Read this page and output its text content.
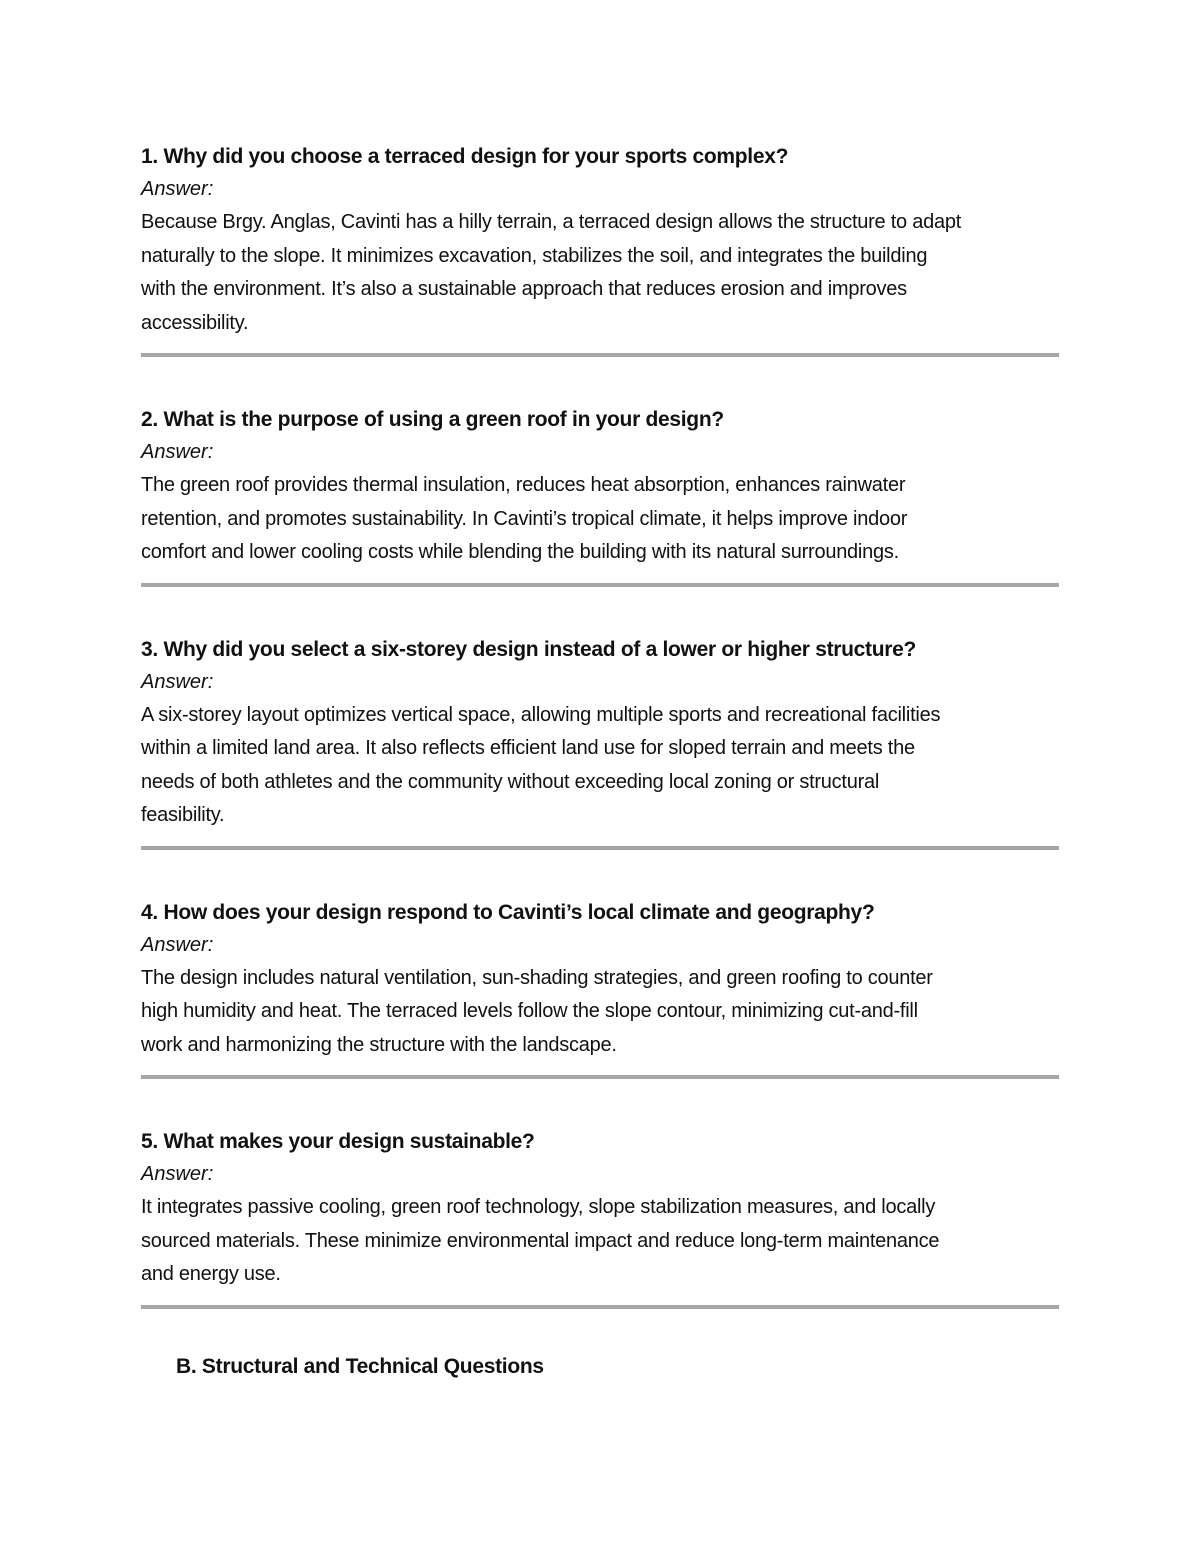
1. Why did you choose a terraced design for your sports complex?

Answer:

Because Brgy. Anglas, Cavinti has a hilly terrain, a terraced design allows the structure to adapt
naturally to the slope. It minimizes excavation, stabilizes the soil, and integrates the building
with the environment. It’s also a sustainable approach that reduces erosion and improves
accessibility.

2. What is the purpose of using a green roof in your design?

Answer:

The green roof provides thermal insulation, reduces heat absorption, enhances rainwater
retention, and promotes sustainability. In Cavinti’s tropical climate, it helps improve indoor
comfort and lower cooling costs while blending the building with its natural surroundings.

3. Why did you select a six-storey design instead of a lower or higher structure?

Answer:

A six-storey layout optimizes vertical space, allowing multiple sports and recreational facilities
within a limited land area. It also reflects efficient land use for sloped terrain and meets the
needs of both athletes and the community without exceeding local zoning or structural
feasibility.

4. How does your design respond to Cavinti’s local climate and geography?

Answer:

The design includes natural ventilation, sun-shading strategies, and green roofing to counter
high humidity and heat. The terraced levels follow the slope contour, minimizing cut-and-fill
work and harmonizing the structure with the landscape.

5. What makes your design sustainable?

Answer:

It integrates passive cooling, green roof technology, slope stabilization measures, and locally
sourced materials. These minimize environmental impact and reduce long-term maintenance
and energy use.

B. Structural and Technical Questions
